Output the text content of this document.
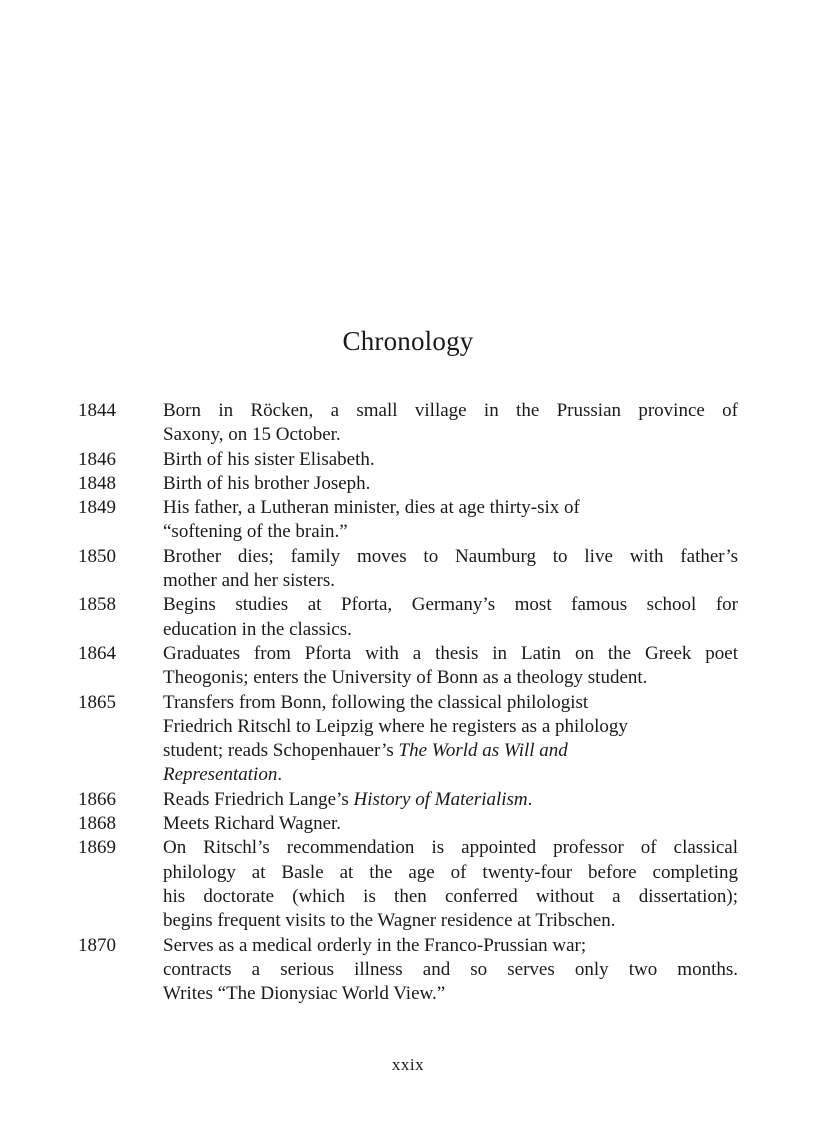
Chronology
1844	Born in Röcken, a small village in the Prussian province of
Saxony, on 15 October.
1846	Birth of his sister Elisabeth.
1848	Birth of his brother Joseph.
1849	His father, a Lutheran minister, dies at age thirty-six of
“softening of the brain.”
1850	Brother dies; family moves to Naumburg to live with father’s
mother and her sisters.
1858	Begins studies at Pforta, Germany’s most famous school for
education in the classics.
1864	Graduates from Pforta with a thesis in Latin on the Greek poet
Theogonis; enters the University of Bonn as a theology student.
1865	Transfers from Bonn, following the classical philologist
Friedrich Ritschl to Leipzig where he registers as a philology
student; reads Schopenhauer’s The World as Will and
Representation.
1866	Reads Friedrich Lange’s History of Materialism.
1868	Meets Richard Wagner.
1869	On Ritschl’s recommendation is appointed professor of classical
philology at Basle at the age of twenty-four before completing
his doctorate (which is then conferred without a dissertation);
begins frequent visits to the Wagner residence at Tribschen.
1870	Serves as a medical orderly in the Franco-Prussian war;
contracts a serious illness and so serves only two months.
Writes “The Dionysiac World View.”
xxix
